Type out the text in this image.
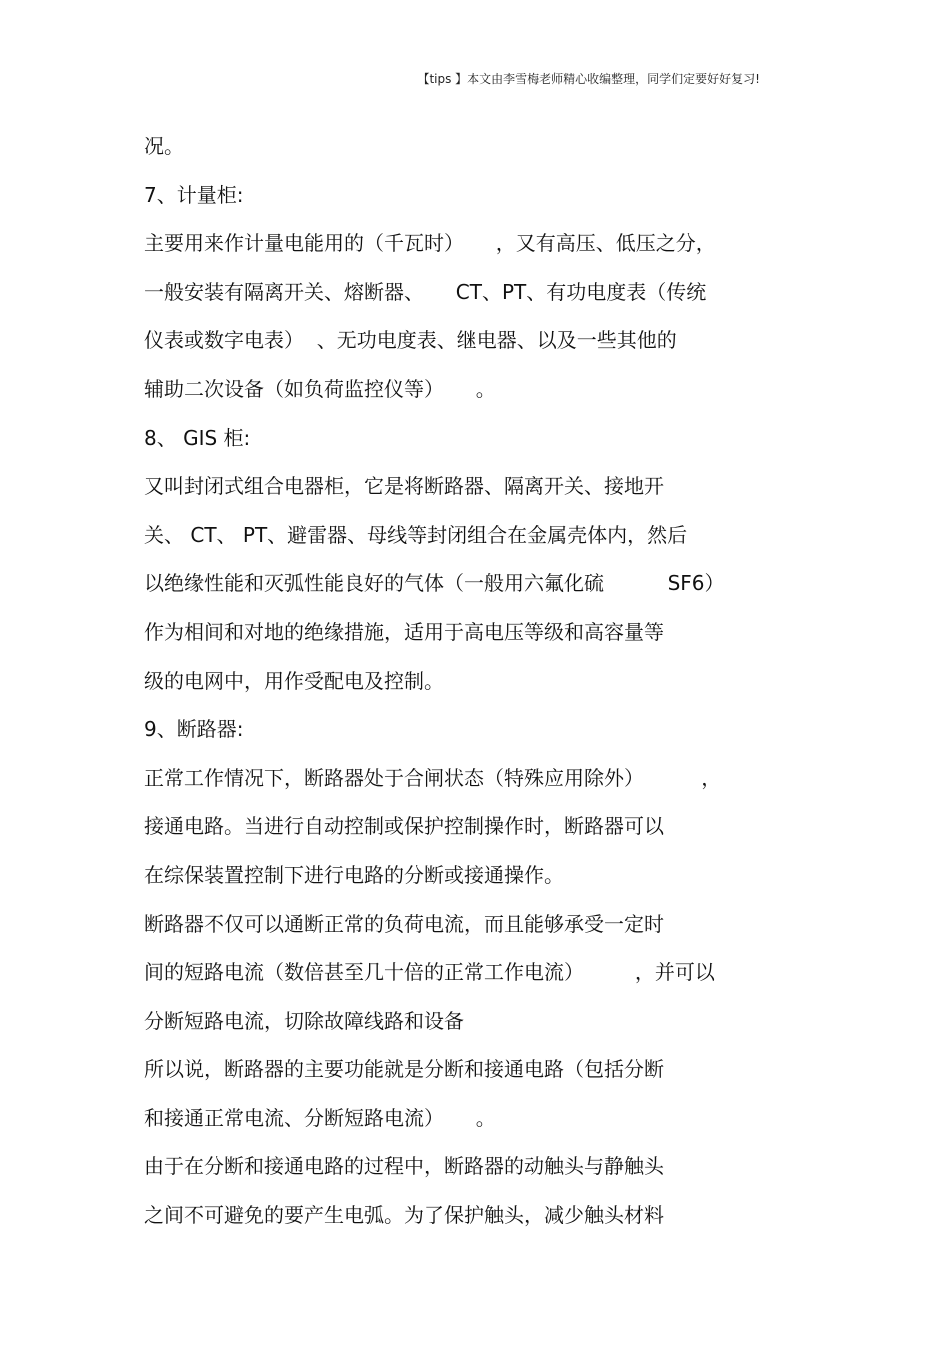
【tips 】本文由李雪梅老师精心收编整理，同学们定要好好复习!
况。
7、计量柜:
主要用来作计量电能用的（千瓦时）     ，又有高压、低压之分，
一般安装有隔离开关、熔断器、     CT、PT、有功电度表（传统
仪表或数字电表）  、无功电度表、继电器、以及一些其他的
辅助二次设备（如负荷监控仪等）     。
8、 GIS 柜:
又叫封闭式组合电器柜，它是将断路器、隔离开关、接地开
关、 CT、 PT、避雷器、母线等封闭组合在金属壳体内，然后
以绝缘性能和灭弧性能良好的气体（一般用六氟化硫          SF6）
作为相间和对地的绝缘措施，适用于高电压等级和高容量等
级的电网中，用作受配电及控制。
9、断路器:
正常工作情况下，断路器处于合闸状态（特殊应用除外）         ，
接通电路。当进行自动控制或保护控制操作时，断路器可以
在综保装置控制下进行电路的分断或接通操作。
断路器不仅可以通断正常的负荷电流，而且能够承受一定时
间的短路电流（数倍甚至几十倍的正常工作电流）        ，并可以
分断短路电流，切除故障线路和设备
所以说，断路器的主要功能就是分断和接通电路（包括分断
和接通正常电流、分断短路电流）     。
由于在分断和接通电路的过程中，断路器的动触头与静触头
之间不可避免的要产生电弧。为了保护触头，减少触头材料
